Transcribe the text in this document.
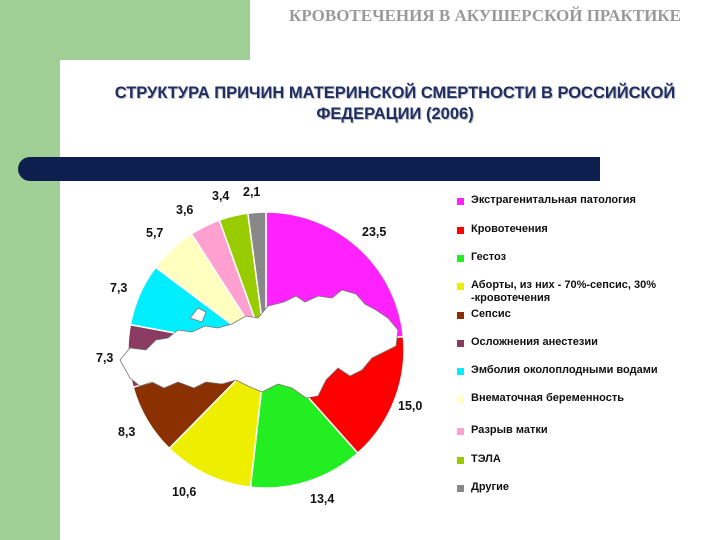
КРОВОТЕЧЕНИЯ В АКУШЕРСКОЙ ПРАКТИКЕ
СТРУКТУРА ПРИЧИН МАТЕРИНСКОЙ СМЕРТНОСТИ В РОССИЙСКОЙ ФЕДЕРАЦИИ (2006)
23,5
15,0
13,4
10,6
8,3
7,3
7,3
5,7
3,6
3,4 2,1
Экстрагенитальная патология
Кровотечения
Гестоз
Аборты, из них - 70%-сепсис, 30% -кровотечения
Сепсис
Осложнения анестезии
Эмболия околоплодными водами
Внематочная беременность
Разрыв матки
ТЭЛА
Другие
